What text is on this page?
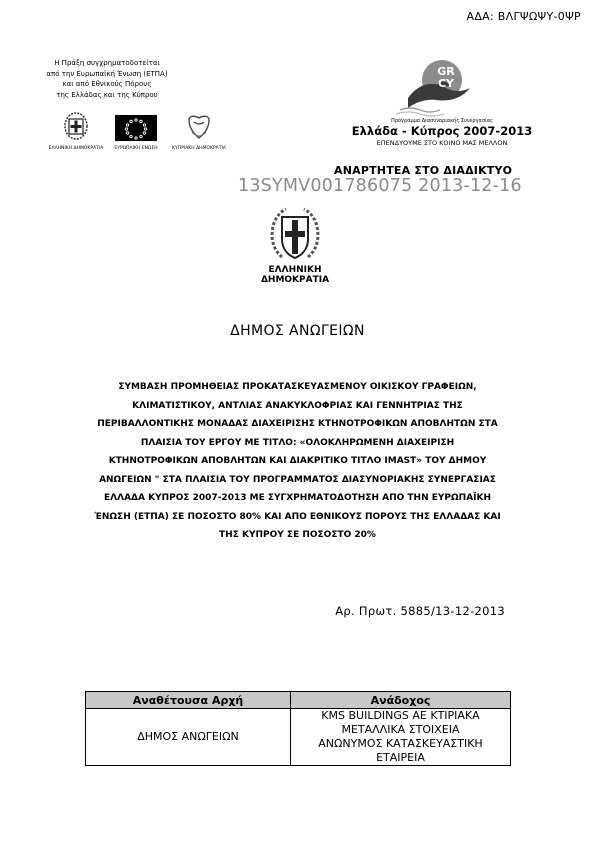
ΑΔΑ: ΒΛΓΨΩΨΥ-0ΨΡ
Η Πράξη συγχρηματοδοτείται
από την Ευρωπαϊκή Ένωση (ΕΤΠΑ)
και από Εθνικούς Πόρους
της Ελλάδας και της Κύπρου
ΕΛΛΗΝΙΚΗ ΔΗΜΟΚΡΑΤΙΑ	ΕΥΡΩΠΑΙΚΗ ΕΝΩΣΗ	ΚΥΠΡΙΑΚΗ ΔΗΜΟΚΡΑΤΙΑ
GR CY
Πρόγραμμα Διασυνοριακής Συνεργασίας
Ελλάδα - Κύπρος 2007-2013
ΕΠΕΝΔΥΟΥΜΕ ΣΤΟ ΚΟΙΝΟ ΜΑΣ ΜΕΛΛΟΝ
ΑΝΑΡΤΗΤΕΑ ΣΤΟ ΔΙΑΔΙΚΤΥΟ
13SYMV001786075 2013-12-16
ΕΛΛΗΝΙΚΗ ΔΗΜΟΚΡΑΤΙΑ
ΔΗΜΟΣ ΑΝΩΓΕΙΩΝ
ΣΥΜΒΑΣΗ ΠΡΟΜΗΘΕΙΑΣ ΠΡΟΚΑΤΑΣΚΕΥΑΣΜΕΝΟΥ ΟΙΚΙΣΚΟΥ ΓΡΑΦΕΙΩΝ,
ΚΛΙΜΑΤΙΣΤΙΚΟΥ, ΑΝΤΛΙΑΣ ΑΝΑΚΥΚΛΟΦΡΙΑΣ ΚΑΙ ΓΕΝΝΗΤΡΙΑΣ ΤΗΣ
ΠΕΡΙΒΑΛΛΟΝΤΙΚΗΣ ΜΟΝΑΔΑΣ ΔΙΑΧΕΙΡΙΣΗΣ ΚΤΗΝΟΤΡΟΦΙΚΩΝ ΑΠΟΒΛΗΤΩΝ ΣΤΑ
ΠΛΑΙΣΙΑ ΤΟΥ ΕΡΓΟΥ ΜΕ ΤΙΤΛΟ: «ΟΛΟΚΛΗΡΩΜΕΝΗ ΔΙΑΧΕΙΡΙΣΗ
ΚΤΗΝΟΤΡΟΦΙΚΩΝ ΑΠΟΒΛΗΤΩΝ ΚΑΙ ΔΙΑΚΡΙΤΙΚΟ ΤΙΤΛΟ IMAST» ΤΟΥ ΔΗΜΟΥ
ΑΝΩΓΕΙΩΝ " ΣΤΑ ΠΛΑΙΣΙΑ ΤΟΥ ΠΡΟΓΡΑΜΜΑΤΟΣ ΔΙΑΣΥΝΟΡΙΑΚΗΣ ΣΥΝΕΡΓΑΣΙΑΣ
ΕΛΛΑΔΑ ΚΥΠΡΟΣ 2007-2013 ΜΕ ΣΥΓΧΡΗΜΑΤΟΔΟΤΗΣΗ ΑΠΟ ΤΗΝ ΕΥΡΩΠΑΪΚΗ
ΈΝΩΣΗ (ΕΤΠΑ) ΣΕ ΠΟΣΟΣΤΟ 80% ΚΑΙ ΑΠΟ ΕΘΝΙΚΟΥΣ ΠΟΡΟΥΣ ΤΗΣ ΕΛΛΑΔΑΣ ΚΑΙ
ΤΗΣ ΚΥΠΡΟΥ ΣΕ ΠΟΣΟΣΤΟ 20%
Αρ. Πρωτ. 5885/13-12-2013
Αναθέτουσα Αρχή	Ανάδοχος
ΔΗΜΟΣ ΑΝΩΓΕΙΩΝ	KMS BUILDINGS ΑΕ ΚΤΙΡΙΑΚΑ
ΜΕΤΑΛΛΙΚΑ ΣΤΟΙΧΕΙΑ
ΑΝΩΝΥΜΟΣ ΚΑΤΑΣΚΕΥΑΣΤΙΚΗ
ΕΤΑΙΡΕΙΑ
